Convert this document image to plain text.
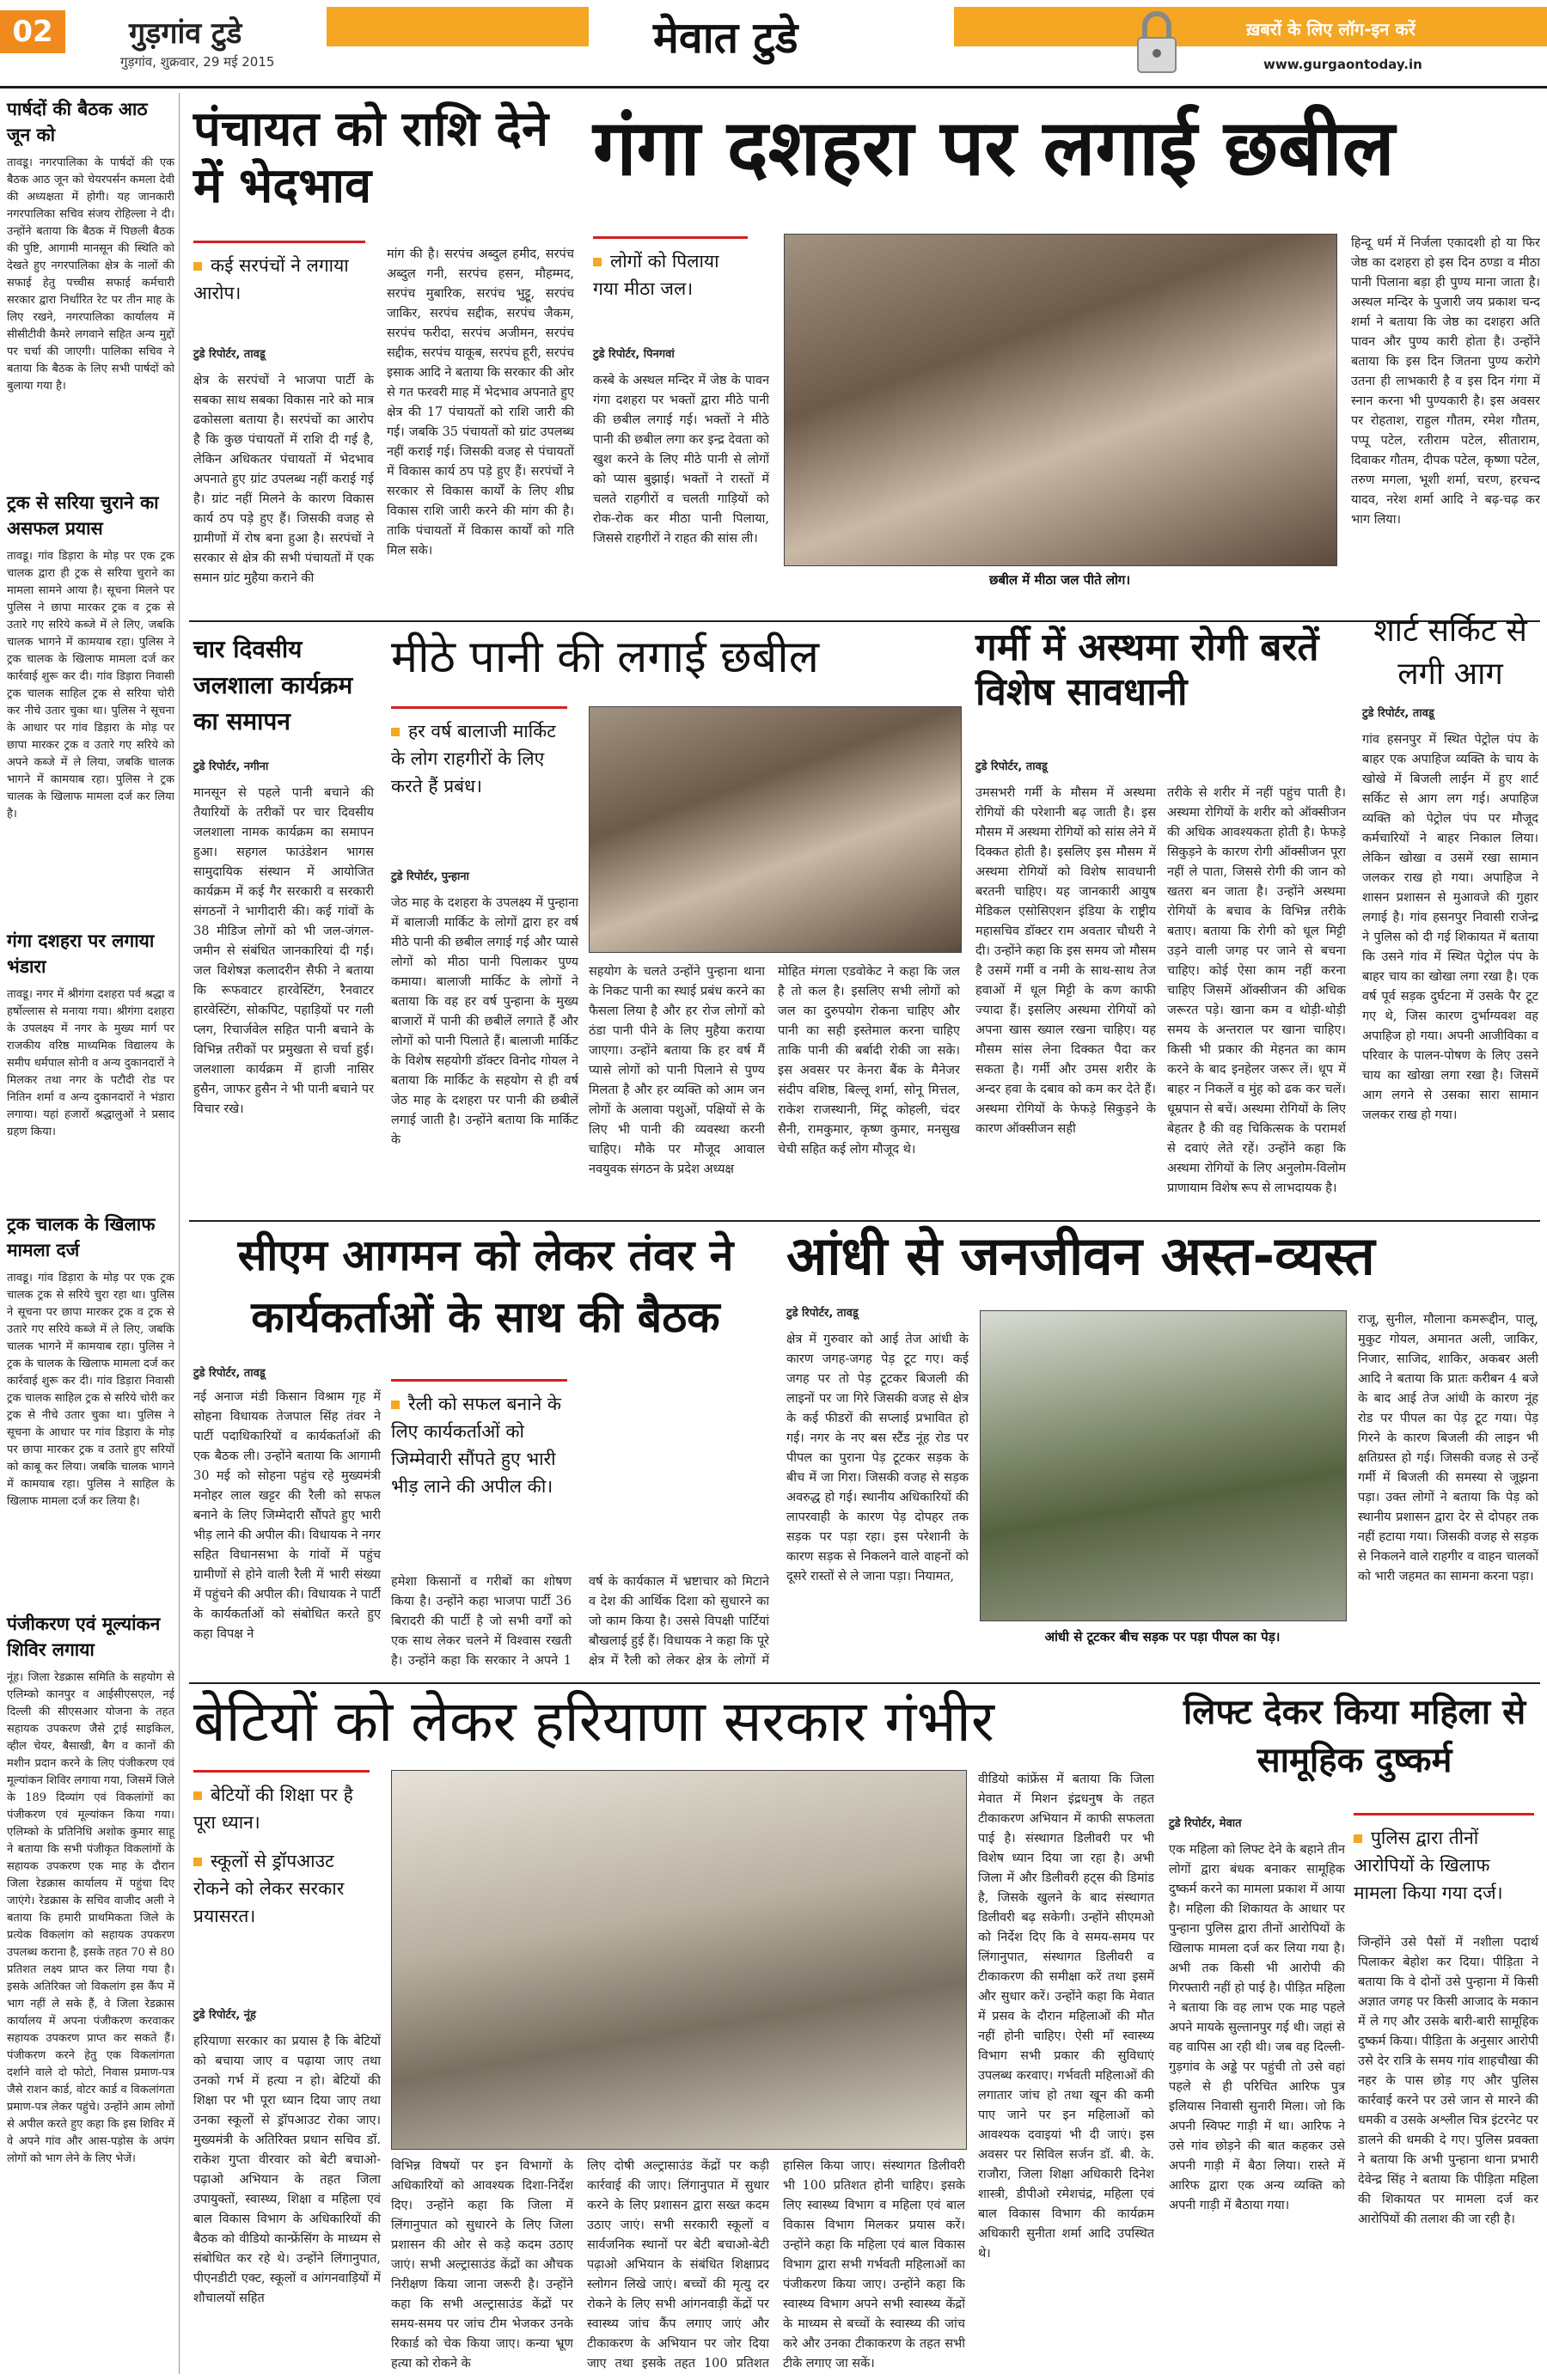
02	गुड़गांव टुडे
गुड़गांव, शुक्रवार, 29 मई 2015	मेवात टुडे	ख़बरों के लिए लॉग-इन करें
www.gurgaontoday.in
पार्षदों की बैठक आठ जून को
तावडू। नगरपालिका के पार्षदों की एक बैठक आठ जून को चेयरपर्सन कमला देवी की अध्यक्षता में होगी। यह जानकारी नगरपालिका सचिव संजय रोहिल्ला ने दी। उन्होंने बताया कि बैठक में पिछली बैठक की पुष्टि, आगामी मानसून की स्थिति को देखते हुए नगरपालिका क्षेत्र के नालों की सफाई हेतु पच्चीस सफाई कर्मचारी सरकार द्वारा निर्धारित रेट पर तीन माह के लिए रखने, नगरपालिका कार्यालय में सीसीटीवी कैमरे लगवाने सहित अन्य मुद्दों पर चर्चा की जाएगी। पालिका सचिव ने बताया कि बैठक के लिए सभी पार्षदों को बुलाया गया है।
ट्रक से सरिया चुराने का असफल प्रयास
तावडू। गांव डिड़ारा के मोड़ पर एक ट्रक चालक द्वारा ही ट्रक से सरिया चुराने का मामला सामने आया है। सूचना मिलने पर पुलिस ने छापा मारकर ट्रक व ट्रक से उतारे गए सरिये कब्जे में ले लिए, जबकि चालक भागने में कामयाब रहा। पुलिस ने ट्रक चालक के खिलाफ मामला दर्ज कर कार्रवाई शुरू कर दी। गांव डिड़ारा निवासी ट्रक चालक साहिल ट्रक से सरिया चोरी कर नीचे उतार चुका था। पुलिस ने सूचना के आधार पर गांव डिड़ारा के मोड़ पर छापा मारकर ट्रक व उतारे गए सरिये को अपने कब्जे में ले लिया, जबकि चालक भागने में कामयाब रहा। पुलिस ने ट्रक चालक के खिलाफ मामला दर्ज कर लिया है।
गंगा दशहरा पर लगाया भंडारा
तावडू। नगर में श्रीगंगा दशहरा पर्व श्रद्धा व हर्षोल्लास से मनाया गया। श्रीगंगा दशहरा के उपलक्ष्य में नगर के मुख्य मार्ग पर राजकीय वरिष्ठ माध्यमिक विद्यालय के समीप धर्मपाल सोनी व अन्य दुकानदारों ने मिलकर तथा नगर के पटौदी रोड पर नितिन शर्मा व अन्य दुकानदारों ने भंडारा लगाया। यहां हजारों श्रद्धालुओं ने प्रसाद ग्रहण किया।
ट्रक चालक के खिलाफ मामला दर्ज
तावडू। गांव डिड़ारा के मोड़ पर एक ट्रक चालक ट्रक से सरिये चुरा रहा था। पुलिस ने सूचना पर छापा मारकर ट्रक व ट्रक से उतारे गए सरिये कब्जे में ले लिए, जबकि चालक भागने में कामयाब रहा। पुलिस ने ट्रक के चालक के खिलाफ मामला दर्ज कर कार्रवाई शुरू कर दी। गांव डिड़ारा निवासी ट्रक चालक साहिल ट्रक से सरिये चोरी कर ट्रक से नीचे उतार चुका था। पुलिस ने सूचना के आधार पर गांव डिड़ारा के मोड़ पर छापा मारकर ट्रक व उतारे हुए सरियों को काबू कर लिया। जबकि चालक भागने में कामयाब रहा। पुलिस ने साहिल के खिलाफ मामला दर्ज कर लिया है।
पंजीकरण एवं मूल्यांकन शिविर लगाया
नूंह। जिला रेडक्रास समिति के सहयोग से एलिम्को कानपुर व आईसीएसएल, नई दिल्ली की सीएसआर योजना के तहत सहायक उपकरण जैसे ट्राई साइकिल, व्हील चेयर, बैसाखी, बैग व कानों की मशीन प्रदान करने के लिए पंजीकरण एवं मूल्यांकन शिविर लगाया गया, जिसमें जिले के 189 दिव्यांग एवं विकलांगों का पंजीकरण एवं मूल्यांकन किया गया। एलिम्को के प्रतिनिधि अशोक कुमार साहू ने बताया कि सभी पंजीकृत विकलांगों के सहायक उपकरण एक माह के दौरान जिला रेडक्रास कार्यालय में पहुंचा दिए जाएंगे। रेडक्रास के सचिव वाजीद अली ने बताया कि हमारी प्राथमिकता जिले के प्रत्येक विकलांग को सहायक उपकरण उपलब्ध कराना है, इसके तहत 70 से 80 प्रतिशत लक्ष्य प्राप्त कर लिया गया है। इसके अतिरिक्त जो विकलांग इस कैंप में भाग नहीं ले सके हैं, वे जिला रेडक्रास कार्यालय में अपना पंजीकरण करवाकर सहायक उपकरण प्राप्त कर सकते हैं। पंजीकरण करने हेतु एक विकलांगता दर्शाने वाले दो फोटो, निवास प्रमाण-पत्र जैसे राशन कार्ड, वोटर कार्ड व विकलांगता प्रमाण-पत्र लेकर पहुंचे। उन्होंने आम लोगों से अपील करते हुए कहा कि इस शिविर में वे अपने गांव और आस-पड़ोस के अपंग लोगों को भाग लेने के लिए भेजें।
पंचायत को राशि देने में भेदभाव
कई सरपंचों ने लगाया आरोप।
टुडे रिपोर्टर, तावडू
क्षेत्र के सरपंचों ने भाजपा पार्टी के सबका साथ सबका विकास नारे को मात्र ढकोसला बताया है। सरपंचों का आरोप है कि कुछ पंचायतों में राशि दी गई है, लेकिन अधिकतर पंचायतों में भेदभाव अपनाते हुए ग्रांट उपलब्ध नहीं कराई गई है। ग्रांट नहीं मिलने के कारण विकास कार्य ठप पड़े हुए हैं। जिसकी वजह से ग्रामीणों में रोष बना हुआ है। सरपंचों ने सरकार से क्षेत्र की सभी पंचायतों में एक समान ग्रांट मुहैया कराने की
मांग की है। सरपंच अब्दुल हमीद, सरपंच अब्दुल गनी, सरपंच हसन, मौहम्मद, सरपंच मुबारिक, सरपंच भुट्टू, सरपंच जाकिर, सरपंच सद्दीक, सरपंच जैकम, सरपंच फरीदा, सरपंच अजीमन, सरपंच सद्दीक, सरपंच याकूब, सरपंच हूरी, सरपंच इसाक आदि ने बताया कि सरकार की ओर से गत फरवरी माह में भेदभाव अपनाते हुए क्षेत्र की 17 पंचायतों को राशि जारी की गई। जबकि 35 पंचायतों को ग्रांट उपलब्ध नहीं कराई गई। जिसकी वजह से पंचायतों में विकास कार्य ठप पड़े हुए हैं। सरपंचों ने सरकार से विकास कार्यों के लिए शीघ्र विकास राशि जारी करने की मांग की है। ताकि पंचायतों में विकास कार्यों को गति मिल सके।
गंगा दशहरा पर लगाई छबील
लोगों को पिलाया गया मीठा जल।
टुडे रिपोर्टर, पिनगवां
कस्बे के अस्थल मन्दिर में जेष्ठ के पावन गंगा दशहरा पर भक्तों द्वारा मीठे पानी की छबील लगाई गई। भक्तों ने मीठे पानी की छबील लगा कर इन्द्र देवता को खुश करने के लिए मीठे पानी से लोगों को प्यास बुझाई। भक्तों ने रास्तों में चलते राहगीरों व चलती गाड़ियों को रोक-रोक कर मीठा पानी पिलाया, जिससे राहगीरों ने राहत की सांस ली।
छबील में मीठा जल पीते लोग।
हिन्दू धर्म में निर्जला एकादशी हो या फिर जेष्ठ का दशहरा हो इस दिन ठण्डा व मीठा पानी पिलाना बड़ा ही पुण्य माना जाता है। अस्थल मन्दिर के पुजारी जय प्रकाश चन्द शर्मा ने बताया कि जेष्ठ का दशहरा अति पावन और पुण्य कारी होता है। उन्होंने बताया कि इस दिन जितना पुण्य करोगे उतना ही लाभकारी है व इस दिन गंगा में स्नान करना भी पुण्यकारी है। इस अवसर पर रोहताश, राहुल गौतम, रमेश गौतम, पप्पू पटेल, रतीराम पटेल, सीताराम, दिवाकर गौतम, दीपक पटेल, कृष्णा पटेल, तरुण मगला, भूशी शर्मा, चरण, हरचन्द यादव, नरेश शर्मा आदि ने बढ़-चढ़ कर भाग लिया।
चार दिवसीय जलशाला कार्यक्रम का समापन
टुडे रिपोर्टर, नगीना
मानसून से पहले पानी बचाने की तैयारियों के तरीकों पर चार दिवसीय जलशाला नामक कार्यक्रम का समापन हुआ। सहगल फाउंडेशन भागस सामुदायिक संस्थान में आयोजित कार्यक्रम में कई गैर सरकारी व सरकारी संगठनों ने भागीदारी की। कई गांवों के 38 मीडिज लोगों को भी जल-जंगल-जमीन से संबंधित जानकारियां दी गईं। जल विशेषज्ञ कलादरीन सैफी ने बताया कि रूफवाटर हारवेस्टिंग, रैनवाटर हारवेस्टिंग, सोकपिट, पहाड़ियों पर गली प्लग, रिचार्जवेल सहित पानी बचाने के विभिन्न तरीकों पर प्रमुखता से चर्चा हुई। जलशाला कार्यक्रम में हाजी नासिर हुसैन, जाफर हुसैन ने भी पानी बचाने पर विचार रखे।
मीठे पानी की लगाई छबील
हर वर्ष बालाजी मार्किट के लोग राहगीरों के लिए करते हैं प्रबंध।
टुडे रिपोर्टर, पुन्हाना
जेठ माह के दशहरा के उपलक्ष्य में पुन्हाना में बालाजी मार्किट के लोगों द्वारा हर वर्ष मीठे पानी की छबील लगाई गई और प्यासे लोगों को मीठा पानी पिलाकर पुण्य कमाया। बालाजी मार्किट के लोगों ने बताया कि वह हर वर्ष पुन्हाना के मुख्य बाजारों में पानी की छबीलें लगाते हैं और लोगों को पानी पिलाते हैं। बालाजी मार्किट के विशेष सहयोगी डॉक्टर विनोद गोयल ने बताया कि मार्किट के सहयोग से ही वर्ष जेठ माह के दशहरा पर पानी की छबीलें लगाई जाती है। उन्होंने बताया कि मार्किट के
सहयोग के चलते उन्होंने पुन्हाना थाना के निकट पानी का स्थाई प्रबंध करने का फैसला लिया है और हर रोज लोगों को ठंडा पानी पीने के लिए मुहैया कराया जाएगा। उन्होंने बताया कि हर वर्ष मैं प्यासे लोगों को पानी पिलाने से पुण्य मिलता है और हर व्यक्ति को आम जन लोगों के अलावा पशुओं, पक्षियों से के लिए भी पानी की व्यवस्था करनी चाहिए। मौके पर मौजूद आवाल नवयुवक संगठन के प्रदेश अध्यक्ष
मोहित मंगला एडवोकेट ने कहा कि जल है तो कल है। इसलिए सभी लोगों को जल का दुरुपयोग रोकना चाहिए और पानी का सही इस्तेमाल करना चाहिए ताकि पानी की बर्बादी रोकी जा सके। इस अवसर पर केनरा बैंक के मैनेजर संदीप वशिष्ठ, बिल्लू शर्मा, सोनू मित्तल, राकेश राजस्थानी, मिंटू कोहली, चंदर सैनी, रामकुमार, कृष्ण कुमार, मनसुख चेची सहित कई लोग मौजूद थे।
गर्मी में अस्थमा रोगी बरतें विशेष सावधानी
टुडे रिपोर्टर, तावडू
उमसभरी गर्मी के मौसम में अस्थमा रोगियों की परेशानी बढ़ जाती है। इस मौसम में अस्थमा रोगियों को सांस लेने में दिक्कत होती है। इसलिए इस मौसम में अस्थमा रोगियों को विशेष सावधानी बरतनी चाहिए। यह जानकारी आयुष मेडिकल एसोसिएशन इंडिया के राष्ट्रीय महासचिव डॉक्टर राम अवतार चौधरी ने दी। उन्होंने कहा कि इस समय जो मौसम है उसमें गर्मी व नमी के साथ-साथ तेज हवाओं में धूल मिट्टी के कण काफी ज्यादा हैं। इसलिए अस्थमा रोगियों को अपना खास ख्याल रखना चाहिए। यह मौसम सांस लेना दिक्कत पैदा कर सकता है। गर्मी और उमस शरीर के अन्दर हवा के दबाव को कम कर देते हैं। अस्थमा रोगियों के फेफड़े सिकुड़ने के कारण ऑक्सीजन सही
तरीके से शरीर में नहीं पहुंच पाती है। अस्थमा रोगियों के शरीर को ऑक्सीजन की अधिक आवश्यकता होती है। फेफड़े सिकुड़ने के कारण रोगी ऑक्सीजन पूरा नहीं ले पाता, जिससे रोगी की जान को खतरा बन जाता है। उन्होंने अस्थमा रोगियों के बचाव के विभिन्न तरीके बताए। बताया कि रोगी को धूल मिट्टी उड़ने वाली जगह पर जाने से बचना चाहिए। कोई ऐसा काम नहीं करना चाहिए जिसमें ऑक्सीजन की अधिक जरूरत पड़े। खाना कम व थोड़ी-थोड़ी समय के अन्तराल पर खाना चाहिए। किसी भी प्रकार की मेहनत का काम करने के बाद इनहेलर जरूर लें। धूप में बाहर न निकलें व मुंह को ढक कर चलें। धूम्रपान से बचें। अस्थमा रोगियों के लिए बेहतर है की वह चिकित्सक के परामर्श से दवाएं लेते रहें। उन्होंने कहा कि अस्थमा रोगियों के लिए अनुलोम-विलोम प्राणायाम विशेष रूप से लाभदायक है।
शार्ट सर्किट से लगी आग
टुडे रिपोर्टर, तावडू
गांव हसनपुर में स्थित पेट्रोल पंप के बाहर एक अपाहिज व्यक्ति के चाय के खोखे में बिजली लाईन में हुए शार्ट सर्किट से आग लग गई। अपाहिज व्यक्ति को पेट्रोल पंप पर मौजूद कर्मचारियों ने बाहर निकाल लिया। लेकिन खोखा व उसमें रखा सामान जलकर राख हो गया। अपाहिज ने शासन प्रशासन से मुआवजे की गुहार लगाई है। गांव हसनपुर निवासी राजेन्द्र ने पुलिस को दी गई शिकायत में बताया कि उसने गांव में स्थित पेट्रोल पंप के बाहर चाय का खोखा लगा रखा है। एक वर्ष पूर्व सड़क दुर्घटना में उसके पैर टूट गए थे, जिस कारण दुर्भाग्यवश वह अपाहिज हो गया। अपनी आजीविका व परिवार के पालन-पोषण के लिए उसने चाय का खोखा लगा रखा है। जिसमें आग लगने से उसका सारा सामान जलकर राख हो गया।
सीएम आगमन को लेकर तंवर ने कार्यकर्ताओं के साथ की बैठक
टुडे रिपोर्टर, तावडू
नई अनाज मंडी किसान विश्राम गृह में सोहना विधायक तेजपाल सिंह तंवर ने पार्टी पदाधिकारियों व कार्यकर्ताओं की एक बैठक ली। उन्होंने बताया कि आगामी 30 मई को सोहना पहुंच रहे मुख्यमंत्री मनोहर लाल खट्टर की रैली को सफल बनाने के लिए जिम्मेदारी सौंपते हुए भारी भीड़ लाने की अपील की। विधायक ने नगर सहित विधानसभा के गांवों में पहुंच ग्रामीणों से होने वाली रैली में भारी संख्या में पहुंचने की अपील की। विधायक ने पार्टी के कार्यकर्ताओं को संबोधित करते हुए कहा विपक्ष ने
रैली को सफल बनाने के लिए कार्यकर्ताओं को जिम्मेवारी सौंपते हुए भारी भीड़ लाने की अपील की।
हमेशा किसानों व गरीबों का शोषण किया है। उन्होंने कहा भाजपा पार्टी 36 बिरादरी की पार्टी है जो सभी वर्गों को एक साथ लेकर चलने में विश्वास रखती है। उन्होंने कहा कि सरकार ने अपने 1 वर्ष के कार्यकाल में भ्रष्टाचार को मिटाने व देश की आर्थिक दिशा को सुधारने का जो काम किया है। उससे विपक्षी पार्टियां बौखलाई हुई हैं। विधायक ने कहा कि पूरे क्षेत्र में रैली को लेकर क्षेत्र के लोगों में
आंधी से जनजीवन अस्त-व्यस्त
टुडे रिपोर्टर, तावडू
क्षेत्र में गुरुवार को आई तेज आंधी के कारण जगह-जगह पेड़ टूट गए। कई जगह पर तो पेड़ टूटकर बिजली की लाइनों पर जा गिरे जिसकी वजह से क्षेत्र के कई फीडरों की सप्लाई प्रभावित हो गई। नगर के नए बस स्टैंड नूंह रोड पर पीपल का पुराना पेड़ टूटकर सड़क के बीच में जा गिरा। जिसकी वजह से सड़क अवरुद्ध हो गई। स्थानीय अधिकारियों की लापरवाही के कारण पेड़ दोपहर तक सड़क पर पड़ा रहा। इस परेशानी के कारण सड़क से निकलने वाले वाहनों को दूसरे रास्तों से ले जाना पड़ा। नियामत,
आंधी से टूटकर बीच सड़क पर पड़ा पीपल का पेड़।
राजू, सुनील, मौलाना कमरूद्दीन, पालू, मुकुट गोयल, अमानत अली, जाकिर, निजार, साजिद, शाकिर, अकबर अली आदि ने बताया कि प्रातः करीबन 4 बजे के बाद आई तेज आंधी के कारण नूंह रोड पर पीपल का पेड़ टूट गया। पेड़ गिरने के कारण बिजली की लाइन भी क्षतिग्रस्त हो गई। जिसकी वजह से उन्हें गर्मी में बिजली की समस्या से जूझना पड़ा। उक्त लोगों ने बताया कि पेड़ को स्थानीय प्रशासन द्वारा देर से दोपहर तक नहीं हटाया गया। जिसकी वजह से सड़क से निकलने वाले राहगीर व वाहन चालकों को भारी जहमत का सामना करना पड़ा।
बेटियों को लेकर हरियाणा सरकार गंभीर
बेटियों की शिक्षा पर है पूरा ध्यान।
स्कूलों से ड्रॉपआउट रोकने को लेकर सरकार प्रयासरत।
टुडे रिपोर्टर, नूंह
हरियाणा सरकार का प्रयास है कि बेटियों को बचाया जाए व पढ़ाया जाए तथा उनको गर्भ में हत्या न हो। बेटियों की शिक्षा पर भी पूरा ध्यान दिया जाए तथा उनका स्कूलों से ड्रॉपआउट रोका जाए। मुख्यमंत्री के अतिरिक्त प्रधान सचिव डॉ. राकेश गुप्ता वीरवार को बेटी बचाओ-पढ़ाओ अभियान के तहत जिला उपायुक्तों, स्वास्थ्य, शिक्षा व महिला एवं बाल विकास विभाग के अधिकारियों की बैठक को वीडियो कान्फ्रेंसिंग के माध्यम से संबोधित कर रहे थे। उन्होंने लिंगानुपात, पीएनडीटी एक्ट, स्कूलों व आंगनवाड़ियों में शौचालयों सहित
विभिन्न विषयों पर इन विभागों के अधिकारियों को आवश्यक दिशा-निर्देश दिए। उन्होंने कहा कि जिला में लिंगानुपात को सुधारने के लिए जिला प्रशासन की ओर से कड़े कदम उठाए जाएं। सभी अल्ट्रासाउंड केंद्रों का औचक निरीक्षण किया जाना जरूरी है। उन्होंने कहा कि सभी अल्ट्रासाउंड केंद्रों पर समय-समय पर जांच टीम भेजकर उनके रिकार्ड को चेक किया जाए। कन्या भ्रूण हत्या को रोकने के
लिए दोषी अल्ट्रासाउंड केंद्रों पर कड़ी कार्रवाई की जाए। लिंगानुपात में सुधार करने के लिए प्रशासन द्वारा सख्त कदम उठाए जाएं। सभी सरकारी स्कूलों व सार्वजनिक स्थानों पर बेटी बचाओ-बेटी पढ़ाओ अभियान के संबंधित शिक्षाप्रद स्लोगन लिखे जाएं। बच्चों की मृत्यु दर रोकने के लिए सभी आंगनवाड़ी केंद्रों पर स्वास्थ्य जांच कैंप लगाए जाएं और टीकाकरण के अभियान पर जोर दिया जाए तथा इसके तहत 100 प्रतिशत
हासिल किया जाए। संस्थागत डिलीवरी भी 100 प्रतिशत होनी चाहिए। इसके लिए स्वास्थ्य विभाग व महिला एवं बाल विकास विभाग मिलकर प्रयास करें। उन्होंने कहा कि महिला एवं बाल विकास विभाग द्वारा सभी गर्भवती महिलाओं का पंजीकरण किया जाए। उन्होंने कहा कि स्वास्थ्य विभाग अपने सभी स्वास्थ्य केंद्रों के माध्यम से बच्चों के स्वास्थ्य की जांच करे और उनका टीकाकरण के तहत सभी टीके लगाए जा सकें।
वीडियो कांफ्रेंस में बताया कि जिला मेवात में मिशन इंद्रधनुष के तहत टीकाकरण अभियान में काफी सफलता पाई है। संस्थागत डिलीवरी पर भी विशेष ध्यान दिया जा रहा है। अभी जिला में और डिलीवरी हट्स की डिमांड है, जिसके खुलने के बाद संस्थागत डिलीवरी बढ़ सकेगी। उन्होंने सीएमओ को निर्देश दिए कि वे समय-समय पर लिंगानुपात, संस्थागत डिलीवरी व टीकाकरण की समीक्षा करें तथा इसमें और सुधार करें। उन्होंने कहा कि मेवात में प्रसव के दौरान महिलाओं की मौत नहीं होनी चाहिए। ऐसी माँ स्वास्थ्य विभाग सभी प्रकार की सुविधाएं उपलब्ध करवाए। गर्भवती महिलाओं की लगातार जांच हो तथा खून की कमी पाए जाने पर इन महिलाओं को आवश्यक दवाइयां भी दी जाएं। इस अवसर पर सिविल सर्जन डॉ. बी. के. राजौरा, जिला शिक्षा अधिकारी दिनेश शास्त्री, डीपीओ रमेशचंद्र, महिला एवं बाल विकास विभाग की कार्यक्रम अधिकारी सुनीता शर्मा आदि उपस्थित थे।
लिफ्ट देकर किया महिला से सामूहिक दुष्कर्म
टुडे रिपोर्टर, मेवात
पुलिस द्वारा तीनों आरोपियों के खिलाफ मामला किया गया दर्ज।
एक महिला को लिफ्ट देने के बहाने तीन लोगों द्वारा बंधक बनाकर सामूहिक दुष्कर्म करने का मामला प्रकाश में आया है। महिला की शिकायत के आधार पर पुन्हाना पुलिस द्वारा तीनों आरोपियों के खिलाफ मामला दर्ज कर लिया गया है। अभी तक किसी भी आरोपी की गिरफ्तारी नहीं हो पाई है। पीड़ित महिला ने बताया कि वह लाभ एक माह पहले अपने मायके सुल्तानपुर गई थी। जहां से वह वापिस आ रही थी। जब वह दिल्ली-गुड़गांव के अड्डे पर पहुंची तो उसे वहां पहले से ही परिचित आरिफ पुत्र इलियास निवासी सुनारी मिला। जो कि अपनी स्विफ्ट गाड़ी में था। आरिफ ने उसे गांव छोड़ने की बात कहकर उसे अपनी गाड़ी में बैठा लिया। रास्ते में आरिफ द्वारा एक अन्य व्यक्ति को अपनी गाड़ी में बैठाया गया।
जिन्होंने उसे पैसों में नशीला पदार्थ पिलाकर बेहोश कर दिया। पीड़िता ने बताया कि वे दोनों उसे पुन्हाना में किसी अज्ञात जगह पर किसी आजाद के मकान में ले गए और उसके बारी-बारी सामूहिक दुष्कर्म किया। पीड़िता के अनुसार आरोपी उसे देर रात्रि के समय गांव शाहचौखा की नहर के पास छोड़ गए और पुलिस कार्रवाई करने पर उसे जान से मारने की धमकी व उसके अश्लील चित्र इंटरनेट पर डालने की धमकी दे गए। पुलिस प्रवक्ता ने बताया कि अभी पुन्हाना थाना प्रभारी देवेन्द्र सिंह ने बताया कि पीड़िता महिला की शिकायत पर मामला दर्ज कर आरोपियों की तलाश की जा रही है।
